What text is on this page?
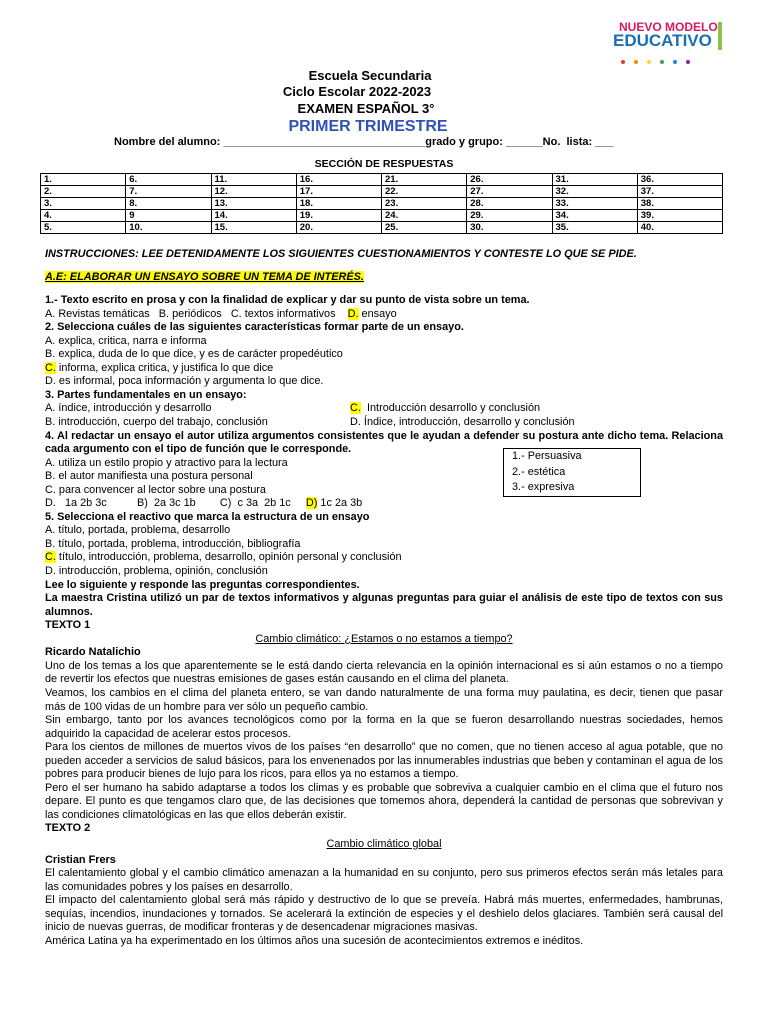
NUEVO MODELO
EDUCATIVO
Escuela Secundaria
Ciclo Escolar 2022-2023
EXAMEN ESPAÑOL 3°
PRIMER TRIMESTRE
Nombre del alumno: _________________________________grado y grupo: ______No.  lista: ___
SECCIÓN DE RESPUESTAS
1.	6.	11.	16.	21.	26.	31.	36.
2.	7.	12.	17.	22.	27.	32.	37.
3.	8.	13.	18.	23.	28.	33.	38.
4.	9	14.	19.	24.	29.	34.	39.
5.	10.	15.	20.	25.	30.	35.	40.

INSTRUCCIONES: LEE DETENIDAMENTE LOS SIGUIENTES CUESTIONAMIENTOS Y CONTESTE LO QUE SE PIDE.

A.E: ELABORAR UN ENSAYO SOBRE UN TEMA DE INTERÉS.

1.- Texto escrito en prosa y con la finalidad de explicar y dar su punto de vista sobre un tema.

A. Revistas temáticas   B. periódicos   C. textos informativos    D. ensayo

2. Selecciona cuáles de las siguientes características formar parte de un ensayo.

A. explica, critica, narra e informa

B. explica, duda de lo que dice, y es de carácter propedéutico

C. informa, explica critica, y justifica lo que dice

D. es informal, poca información y argumenta lo que dice.

3. Partes fundamentales en un ensayo:

A. índice, introducción y desarrollo	C.  Introducción desarrollo y conclusión
B. introducción, cuerpo del trabajo, conclusión	D. Índice, introducción, desarrollo y conclusión

4. Al redactar un ensayo el autor utiliza argumentos consistentes que le ayudan a defender su postura ante dicho tema. Relaciona cada argumento con el tipo de función que le corresponde.

A. utiliza un estilo propio y atractivo para la lectura

B. el autor manifiesta una postura personal

C. para convencer al lector sobre una postura

D.   1a 2b 3c          B)  2a 3c 1b        C)  c 3a  2b 1c     D) 1c 2a 3b

5. Selecciona el reactivo que marca la estructura de un ensayo

A. título, portada, problema, desarrollo

B. título, portada, problema, introducción, bibliografía

C. título, introducción, problema, desarrollo, opinión personal y conclusión

D. introducción, problema, opinión, conclusión

Lee lo siguiente y responde las preguntas correspondientes.

La maestra Cristina utilizó un par de textos informativos y algunas preguntas para guiar el análisis de este tipo de textos con sus alumnos.

TEXTO 1

Cambio climático: ¿Estamos o no estamos a tiempo?

Ricardo Natalichio

Uno de los temas a los que aparentemente se le está dando cierta relevancia en la opinión internacional es si aún estamos o no a tiempo de revertir los efectos que nuestras emisiones de gases están causando en el clima del planeta.

Veamos, los cambios en el clima del planeta entero, se van dando naturalmente de una forma muy paulatina, es decir, tienen que pasar más de 100 vidas de un hombre para ver sólo un pequeño cambio.

Sin embargo, tanto por los avances tecnológicos como por la forma en la que se fueron desarrollando nuestras sociedades, hemos adquirido la capacidad de acelerar estos procesos.

Para los cientos de millones de muertos vivos de los países “en desarrollo” que no comen, que no tienen acceso al agua potable, que no pueden acceder a servicios de salud básicos, para los envenenados por las innumerables industrias que beben y contaminan el agua de los pobres para producir bienes de lujo para los ricos, para ellos ya no estamos a tiempo.

Pero el ser humano ha sabido adaptarse a todos los climas y es probable que sobreviva a cualquier cambio en el clima que el futuro nos depare. El punto es que tengamos claro que, de las decisiones que tomemos ahora, dependerá la cantidad de personas que sobrevivan y las condiciones climatológicas en las que ellos deberán existir.

TEXTO 2

Cambio climático global

Cristian Frers

El calentamiento global y el cambio climático amenazan a la humanidad en su conjunto, pero sus primeros efectos serán más letales para las comunidades pobres y los países en desarrollo.

El impacto del calentamiento global será más rápido y destructivo de lo que se preveía. Habrá más muertes, enfermedades, hambrunas, sequías, incendios, inundaciones y tornados. Se acelerará la extinción de especies y el deshielo delos glaciares. También será causal del inicio de nuevas guerras, de modificar fronteras y de desencadenar migraciones masivas.

América Latina ya ha experimentado en los últimos años una sucesión de acontecimientos extremos e inéditos.

1.- Persuasiva
2.- estética
3.- expresiva
